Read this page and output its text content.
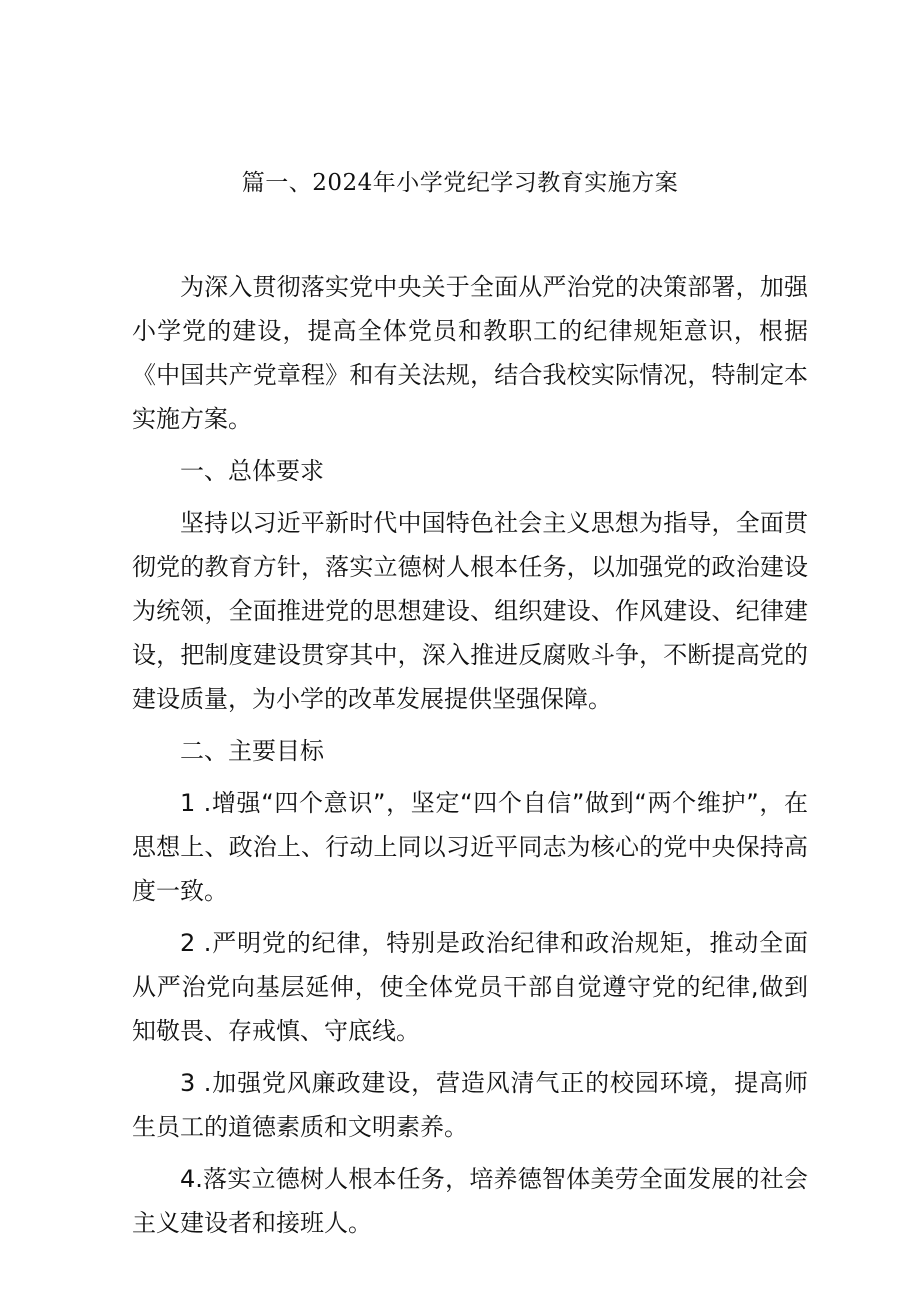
篇一、2024年小学党纪学习教育实施方案

为深入贯彻落实党中央关于全面从严治党的决策部署，加强小学党的建设，提高全体党员和教职工的纪律规矩意识，根据《中国共产党章程》和有关法规，结合我校实际情况，特制定本实施方案。

一、总体要求

坚持以习近平新时代中国特色社会主义思想为指导，全面贯彻党的教育方针，落实立德树人根本任务，以加强党的政治建设为统领，全面推进党的思想建设、组织建设、作风建设、纪律建设，把制度建设贯穿其中，深入推进反腐败斗争，不断提高党的建设质量，为小学的改革发展提供坚强保障。

二、主要目标

1 .增强“四个意识”，坚定“四个自信”做到“两个维护”，在思想上、政治上、行动上同以习近平同志为核心的党中央保持高度一致。

2 .严明党的纪律，特别是政治纪律和政治规矩，推动全面从严治党向基层延伸，使全体党员干部自觉遵守党的纪律,做到知敬畏、存戒慎、守底线。

3 .加强党风廉政建设，营造风清气正的校园环境，提高师生员工的道德素质和文明素养。

4.落实立德树人根本任务，培养德智体美劳全面发展的社会主义建设者和接班人。
